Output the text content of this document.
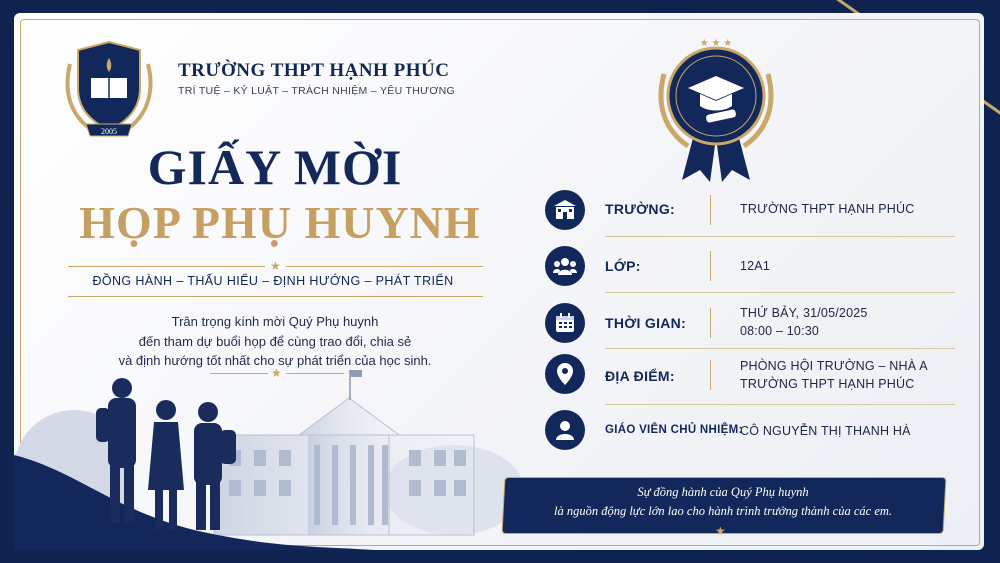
2005
TRƯỜNG THPT HẠNH PHÚC
TRÍ TUỆ – KỶ LUẬT – TRÁCH NHIỆM – YÊU THƯƠNG
GIẤY MỜI
HỌP PHỤ HUYNH
★
ĐỒNG HÀNH – THẤU HIỂU – ĐỊNH HƯỚNG – PHÁT TRIỂN
Trân trọng kính mời Quý Phụ huynh
đến tham dự buổi họp để cùng trao đổi, chia sẻ
và định hướng tốt nhất cho sự phát triển của học sinh.
★
★ ★ ★
TRƯỜNG:	TRƯỜNG THPT HẠNH PHÚC
LỚP:	12A1
THỜI GIAN:
THỨ BẢY, 31/05/2025
08:00 – 10:30
ĐỊA ĐIỂM:
PHÒNG HỘI TRƯỜNG – NHÀ A
TRƯỜNG THPT HẠNH PHÚC
GIÁO VIÊN CHỦ NHIỆM:
CÔ NGUYỄN THỊ THANH HÀ
Sự đồng hành của Quý Phụ huynh
là nguồn động lực lớn lao cho hành trình trưởng thành của các em.
★
